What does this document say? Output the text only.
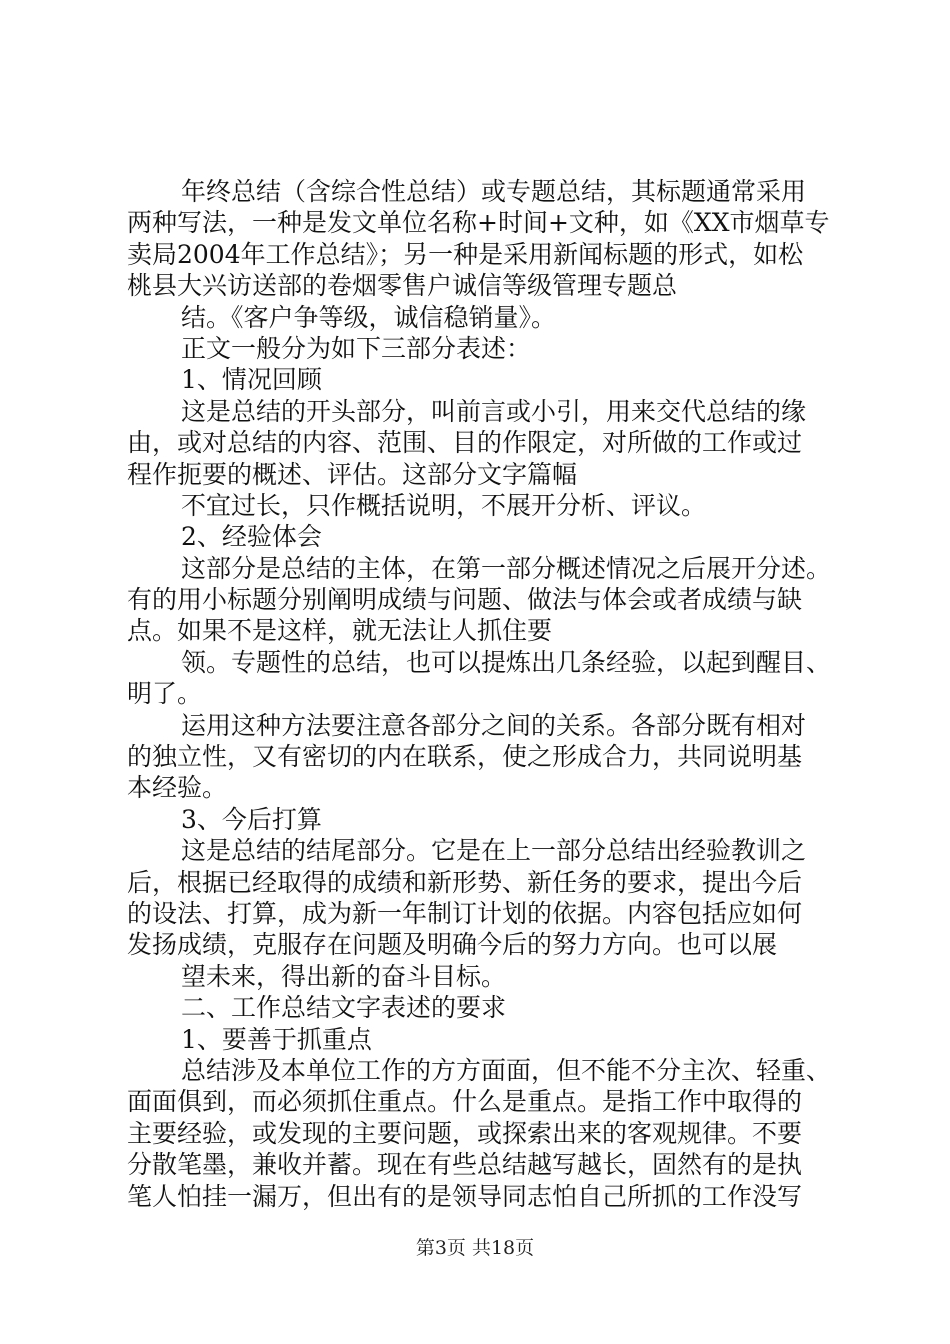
年终总结（含综合性总结）或专题总结，其标题通常采用
两种写法，一种是发文单位名称+时间+文种，如《XX市烟草专
卖局2004年工作总结》；另一种是采用新闻标题的形式，如松
桃县大兴访送部的卷烟零售户诚信等级管理专题总
结。《客户争等级，诚信稳销量》。
正文一般分为如下三部分表述：
1、情况回顾
这是总结的开头部分，叫前言或小引，用来交代总结的缘
由，或对总结的内容、范围、目的作限定，对所做的工作或过
程作扼要的概述、评估。这部分文字篇幅
不宜过长，只作概括说明，不展开分析、评议。
2、经验体会
这部分是总结的主体，在第一部分概述情况之后展开分述。
有的用小标题分别阐明成绩与问题、做法与体会或者成绩与缺
点。如果不是这样，就无法让人抓住要
领。专题性的总结，也可以提炼出几条经验，以起到醒目、
明了。
运用这种方法要注意各部分之间的关系。各部分既有相对
的独立性，又有密切的内在联系，使之形成合力，共同说明基
本经验。
3、今后打算
这是总结的结尾部分。它是在上一部分总结出经验教训之
后，根据已经取得的成绩和新形势、新任务的要求，提出今后
的设法、打算，成为新一年制订计划的依据。内容包括应如何
发扬成绩，克服存在问题及明确今后的努力方向。也可以展
望未来，得出新的奋斗目标。
二、工作总结文字表述的要求
1、要善于抓重点
总结涉及本单位工作的方方面面，但不能不分主次、轻重、
面面俱到，而必须抓住重点。什么是重点。是指工作中取得的
主要经验，或发现的主要问题，或探索出来的客观规律。不要
分散笔墨，兼收并蓄。现在有些总结越写越长，固然有的是执
笔人怕挂一漏万，但出有的是领导同志怕自己所抓的工作没写
第3页 共18页
